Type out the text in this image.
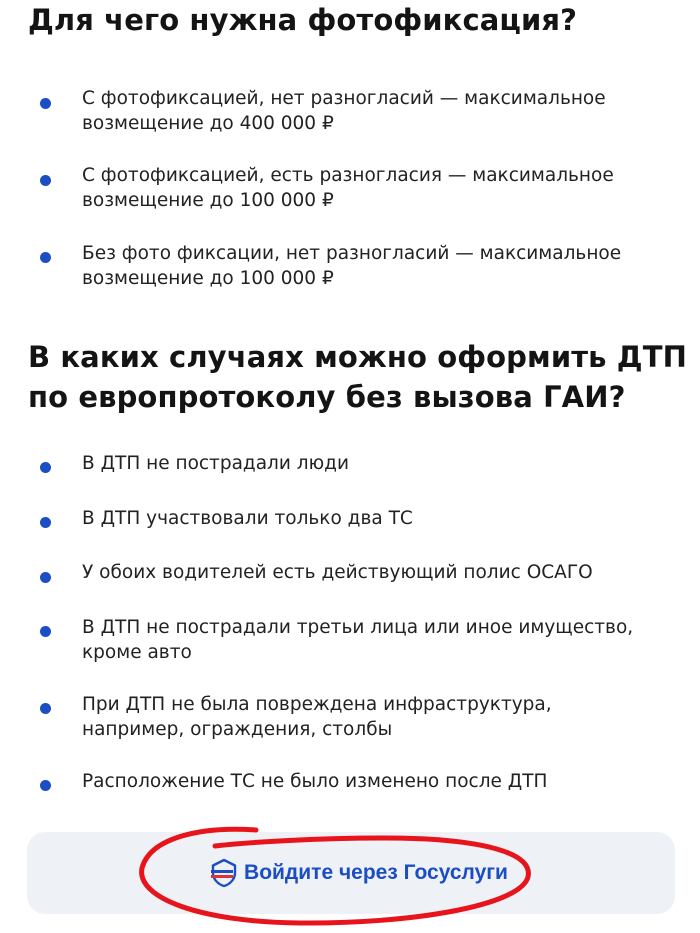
Для чего нужна фотофиксация?
С фотофиксацией, нет разногласий — максимальное
возмещение до 400 000 ₽
С фотофиксацией, есть разногласия — максимальное
возмещение до 100 000 ₽
Без фото фиксации, нет разногласий — максимальное
возмещение до 100 000 ₽
В каких случаях можно оформить ДТП
по европротоколу без вызова ГАИ?
В ДТП не пострадали люди
В ДТП участвовали только два ТС
У обоих водителей есть действующий полис ОСАГО
В ДТП не пострадали третьи лица или иное имущество,
кроме авто
При ДТП не была повреждена инфраструктура,
например, ограждения, столбы
Расположение ТС не было изменено после ДТП
Войдите через Госуслуги
